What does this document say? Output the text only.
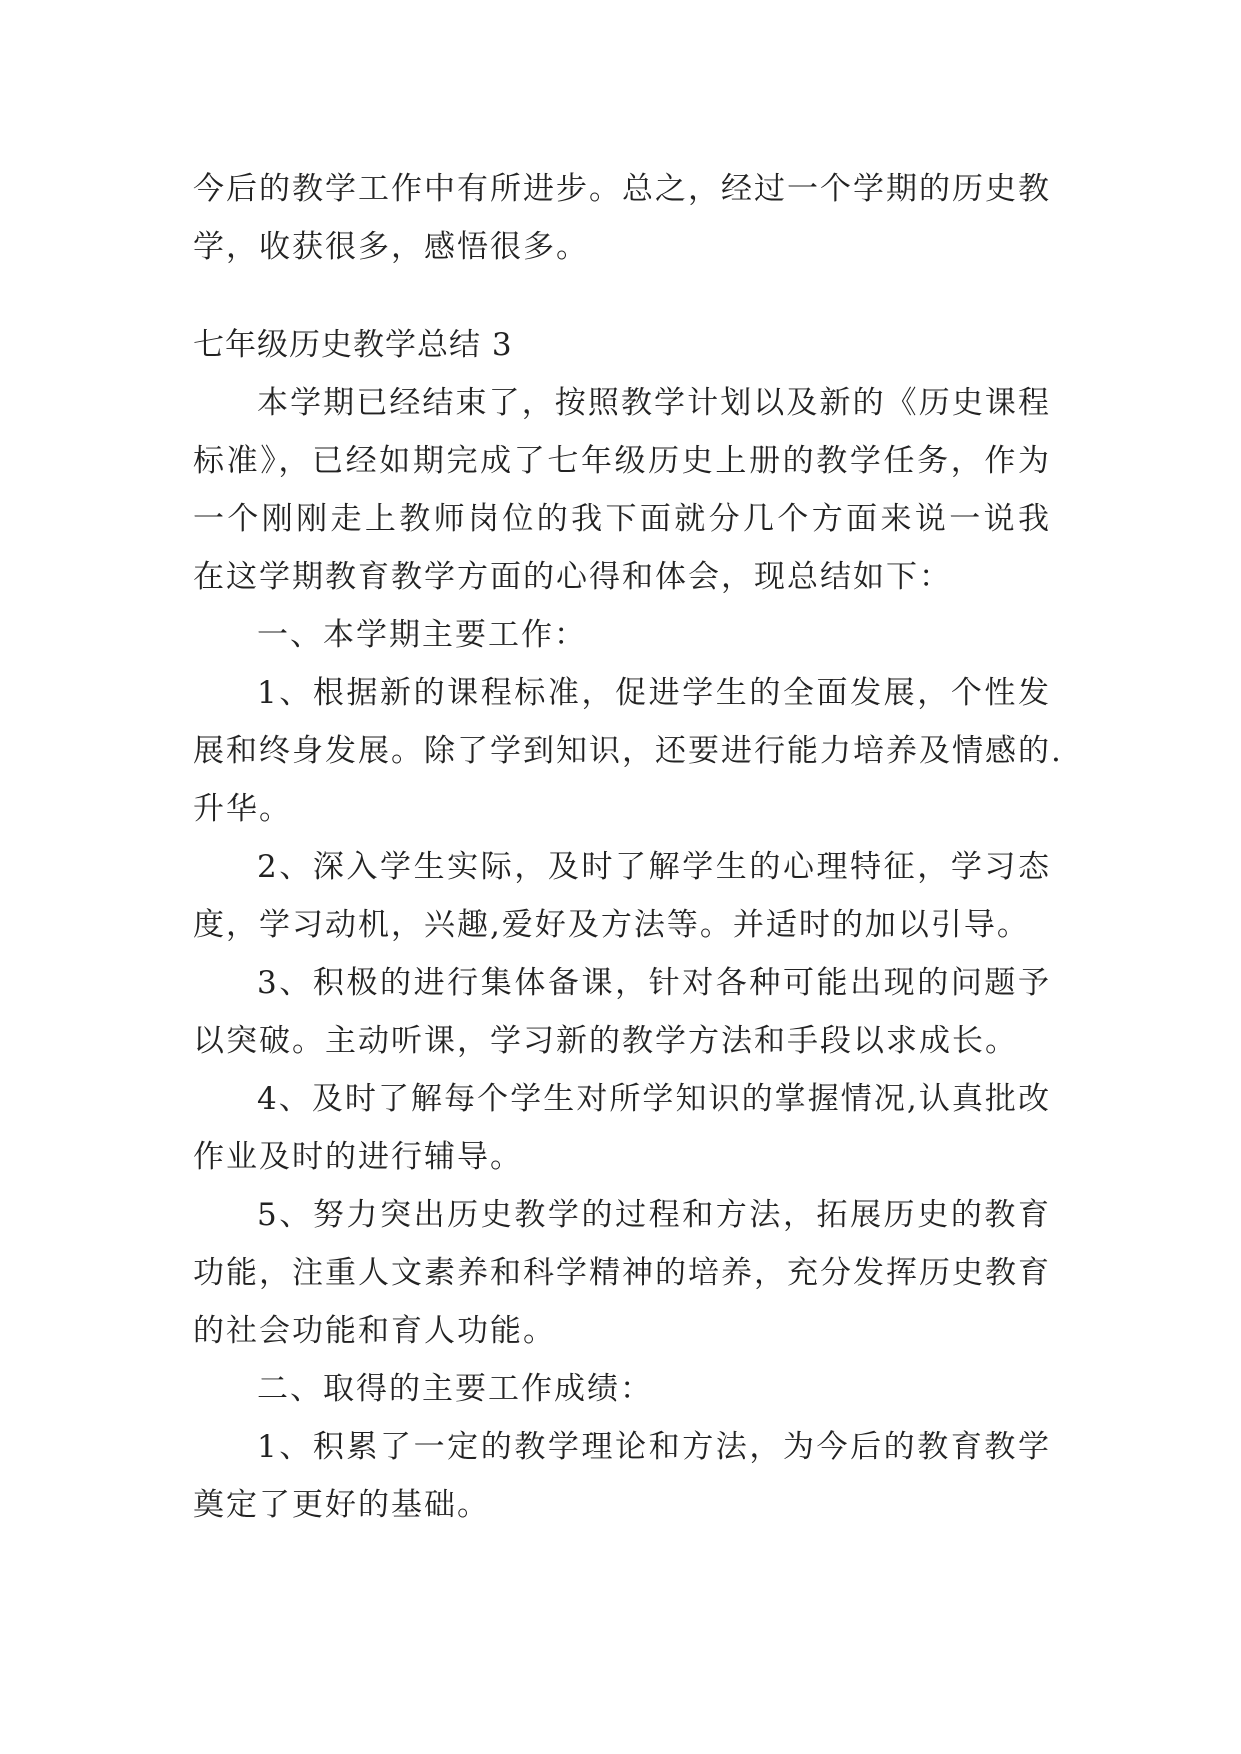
今后的教学工作中有所进步。总之，经过一个学期的历史教
学，收获很多，感悟很多。
七年级历史教学总结 3
本学期已经结束了，按照教学计划以及新的《历史课程
标准》，已经如期完成了七年级历史上册的教学任务，作为
一个刚刚走上教师岗位的我下面就分几个方面来说一说我
在这学期教育教学方面的心得和体会，现总结如下：
一、本学期主要工作：
1、根据新的课程标准，促进学生的全面发展，个性发
展和终身发展。除了学到知识，还要进行能力培养及情感的.
升华。
2、深入学生实际，及时了解学生的心理特征，学习态
度，学习动机，兴趣,爱好及方法等。并适时的加以引导。
3、积极的进行集体备课，针对各种可能出现的问题予
以突破。主动听课，学习新的教学方法和手段以求成长。
4、及时了解每个学生对所学知识的掌握情况,认真批改
作业及时的进行辅导。
5、努力突出历史教学的过程和方法，拓展历史的教育
功能，注重人文素养和科学精神的培养，充分发挥历史教育
的社会功能和育人功能。
二、取得的主要工作成绩：
1、积累了一定的教学理论和方法，为今后的教育教学
奠定了更好的基础。
